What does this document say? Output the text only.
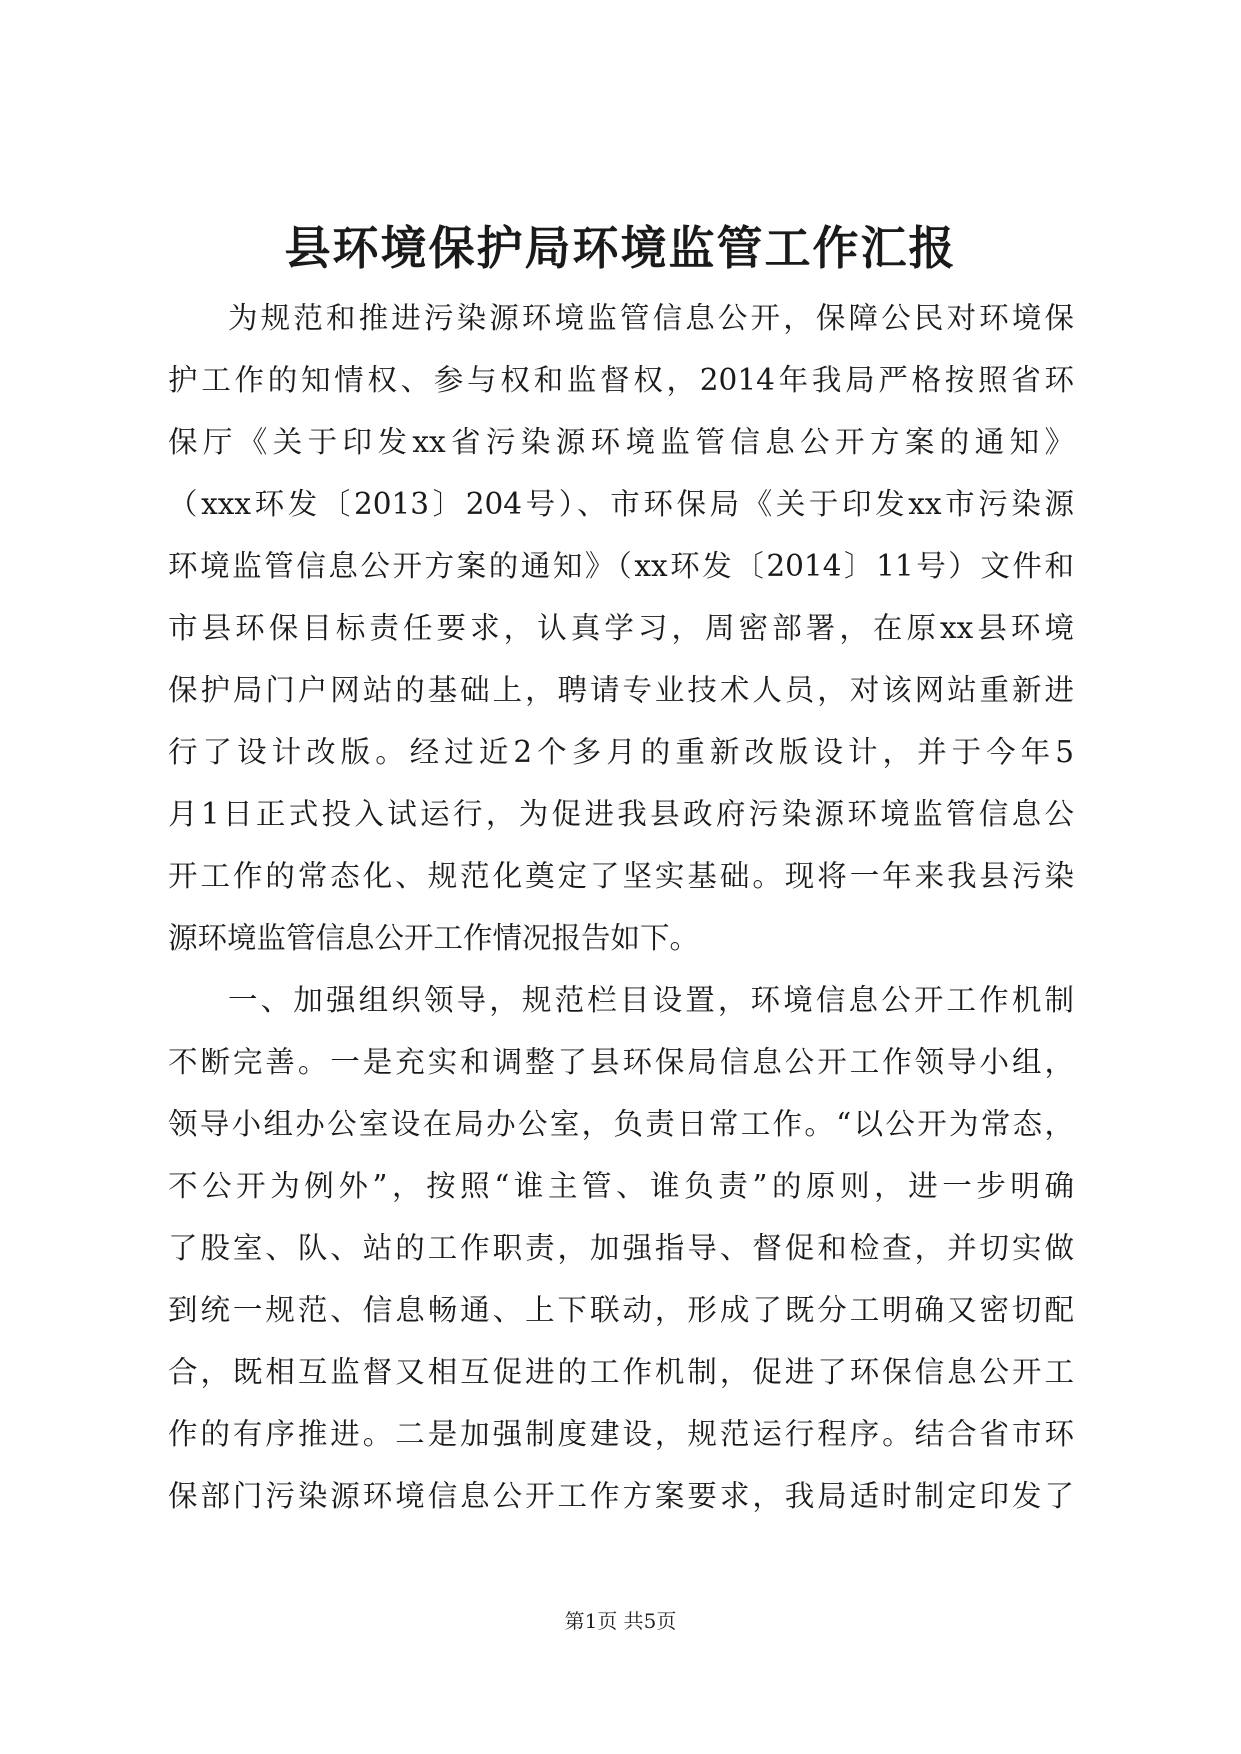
县环境保护局环境监管工作汇报
为规范和推进污染源环境监管信息公开，保障公民对环境保
护工作的知情权、参与权和监督权，2014年我局严格按照省环
保厅《关于印发xx省污染源环境监管信息公开方案的通知》
（xxx环发〔2013〕204号）、市环保局《关于印发xx市污染源
环境监管信息公开方案的通知》（xx环发〔2014〕11号）文件和
市县环保目标责任要求，认真学习，周密部署，在原xx县环境
保护局门户网站的基础上，聘请专业技术人员，对该网站重新进
行了设计改版。经过近2个多月的重新改版设计，并于今年5
月1日正式投入试运行，为促进我县政府污染源环境监管信息公
开工作的常态化、规范化奠定了坚实基础。现将一年来我县污染
源环境监管信息公开工作情况报告如下。
一、加强组织领导，规范栏目设置，环境信息公开工作机制
不断完善。一是充实和调整了县环保局信息公开工作领导小组，
领导小组办公室设在局办公室，负责日常工作。“以公开为常态，
不公开为例外”，按照“谁主管、谁负责”的原则，进一步明确
了股室、队、站的工作职责，加强指导、督促和检查，并切实做
到统一规范、信息畅通、上下联动，形成了既分工明确又密切配
合，既相互监督又相互促进的工作机制，促进了环保信息公开工
作的有序推进。二是加强制度建设，规范运行程序。结合省市环
保部门污染源环境信息公开工作方案要求，我局适时制定印发了
第1页 共5页
